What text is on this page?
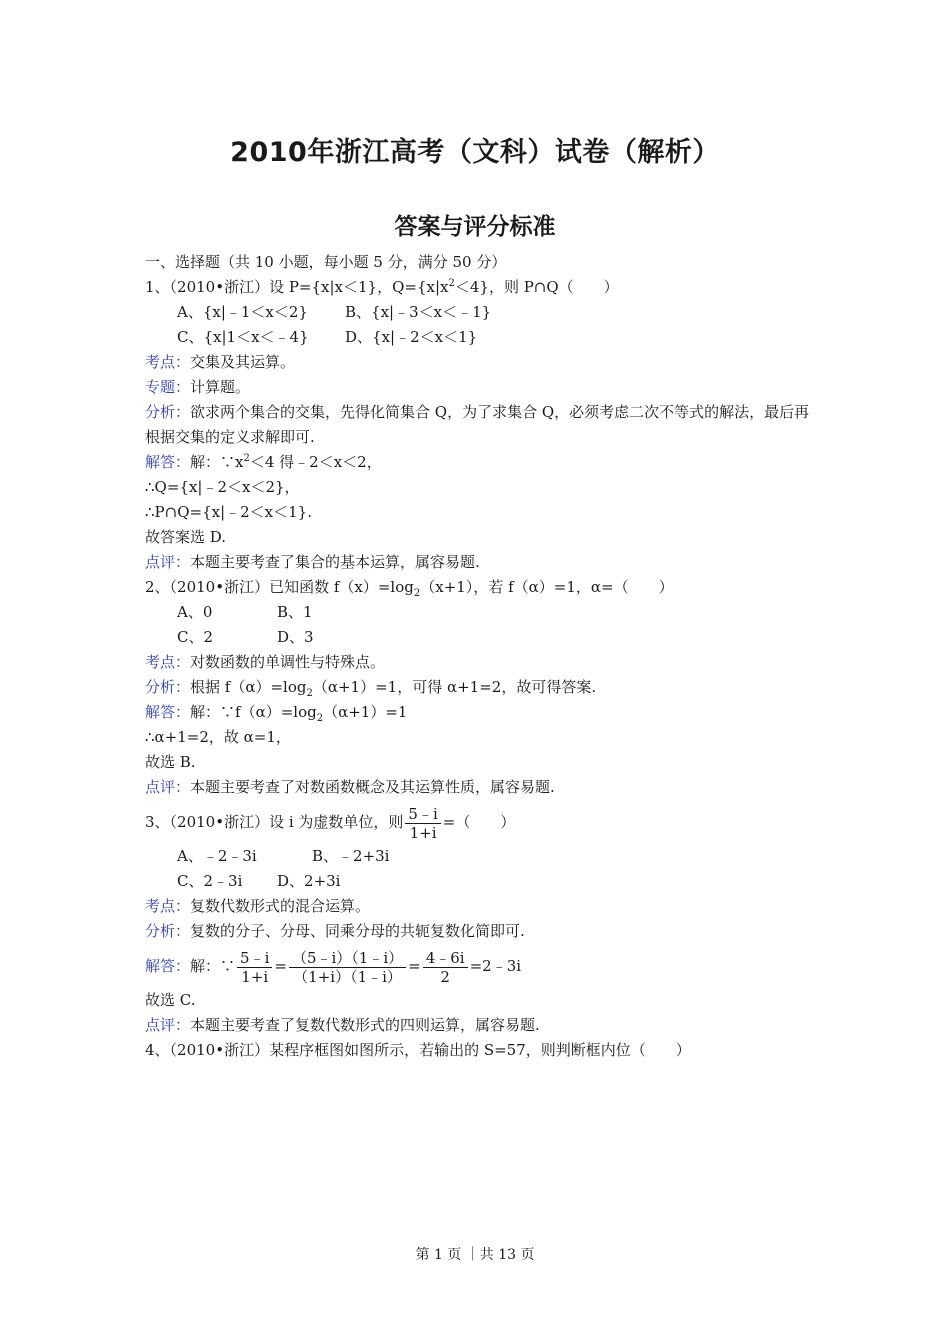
2010年浙江高考（文科）试卷（解析）
答案与评分标准
一、选择题（共 10 小题，每小题 5 分，满分 50 分）
1、（2010•浙江）设 P={x|x＜1}，$Q=\{x|x^2<4\}$，则 P∩Q（　　）
A、{x|﹣1＜x＜2} B、{x|﹣3＜x＜﹣1}
C、{x|1＜x＜﹣4} D、{x|﹣2＜x＜1}
考点：交集及其运算。
专题：计算题。
分析：欲求两个集合的交集，先得化简集合 Q，为了求集合 Q，必须考虑二次不等式的解法，最后再根据交集的定义求解即可.
解答：解：$\because x^2<4$ 得﹣2＜x＜2，
∴Q={x|﹣2＜x＜2}，
∴P∩Q={x|﹣2＜x＜1}.
故答案选 D.
点评：本题主要考查了集合的基本运算，属容易题.
2、（2010•浙江）已知函数 $f(x)=\log_2(x+1)$，若 f（α）=1，α=（　　）
A、0	B、1
C、2	D、3
考点：对数函数的单调性与特殊点。
分析：根据 $f(\alpha)=\log_2(\alpha+1)=1$，可得 α+1=2，故可得答案.
解答：解：$\because f(\alpha)=\log_2(\alpha+1)=1$
∴α+1=2，故 α=1，
故选 B.
点评：本题主要考查了对数函数概念及其运算性质，属容易题.
3、（2010•浙江）设 i 为虚数单位，则 $\frac{5﹣i}{1+i}$ =（　　）
A、﹣2﹣3i	B、﹣2+3i
C、2﹣3i D、2+3i
考点：复数代数形式的混合运算。
分析：复数的分子、分母、同乘分母的共轭复数化简即可.
解答：解：∵ $\frac{5﹣i}{1+i} = \frac{(5﹣i)(1﹣i)}{(1+i)(1﹣i)} = \frac{4﹣6i}{2}$ =2﹣3i
故选 C.
点评：本题主要考查了复数代数形式的四则运算，属容易题.
4、（2010•浙江）某程序框图如图所示，若输出的 S=57，则判断框内位（　　）
第 1 页 ｜共 13 页
